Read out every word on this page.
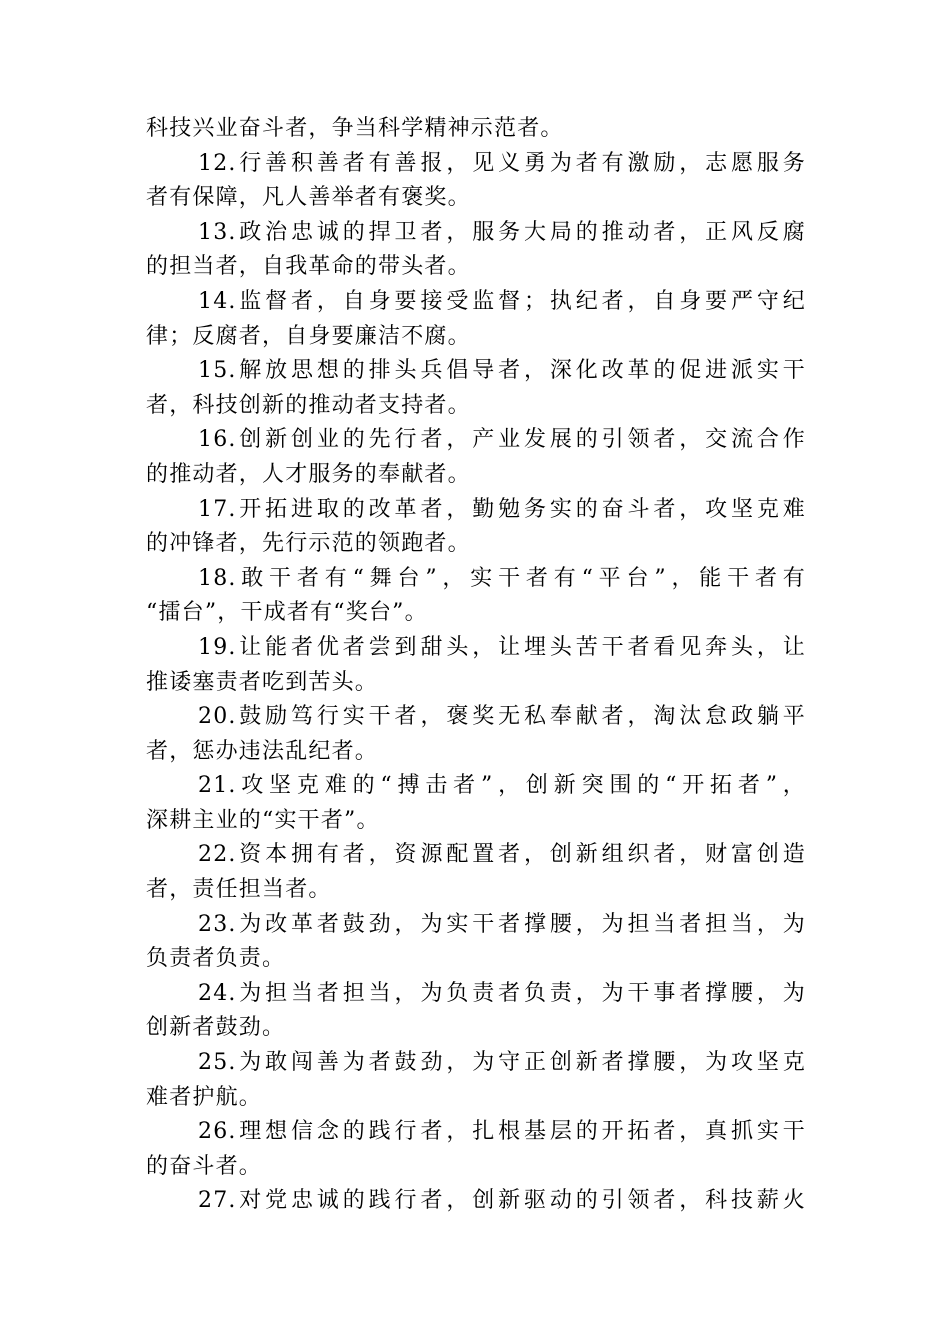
科技兴业奋斗者，争当科学精神示范者。
12.行善积善者有善报，见义勇为者有激励，志愿服务
者有保障，凡人善举者有褒奖。
13.政治忠诚的捍卫者，服务大局的推动者，正风反腐
的担当者，自我革命的带头者。
14.监督者，自身要接受监督；执纪者，自身要严守纪
律；反腐者，自身要廉洁不腐。
15.解放思想的排头兵倡导者，深化改革的促进派实干
者，科技创新的推动者支持者。
16.创新创业的先行者，产业发展的引领者，交流合作
的推动者，人才服务的奉献者。
17.开拓进取的改革者，勤勉务实的奋斗者，攻坚克难
的冲锋者，先行示范的领跑者。
18.敢干者有“舞台”，实干者有“平台”，能干者有
“擂台”，干成者有“奖台”。
19.让能者优者尝到甜头，让埋头苦干者看见奔头，让
推诿塞责者吃到苦头。
20.鼓励笃行实干者，褒奖无私奉献者，淘汰怠政躺平
者，惩办违法乱纪者。
21.攻坚克难的“搏击者”，创新突围的“开拓者”，
深耕主业的“实干者”。
22.资本拥有者，资源配置者，创新组织者，财富创造
者，责任担当者。
23.为改革者鼓劲，为实干者撑腰，为担当者担当，为
负责者负责。
24.为担当者担当，为负责者负责，为干事者撑腰，为
创新者鼓劲。
25.为敢闯善为者鼓劲，为守正创新者撑腰，为攻坚克
难者护航。
26.理想信念的践行者，扎根基层的开拓者，真抓实干
的奋斗者。
27.对党忠诚的践行者，创新驱动的引领者，科技薪火
